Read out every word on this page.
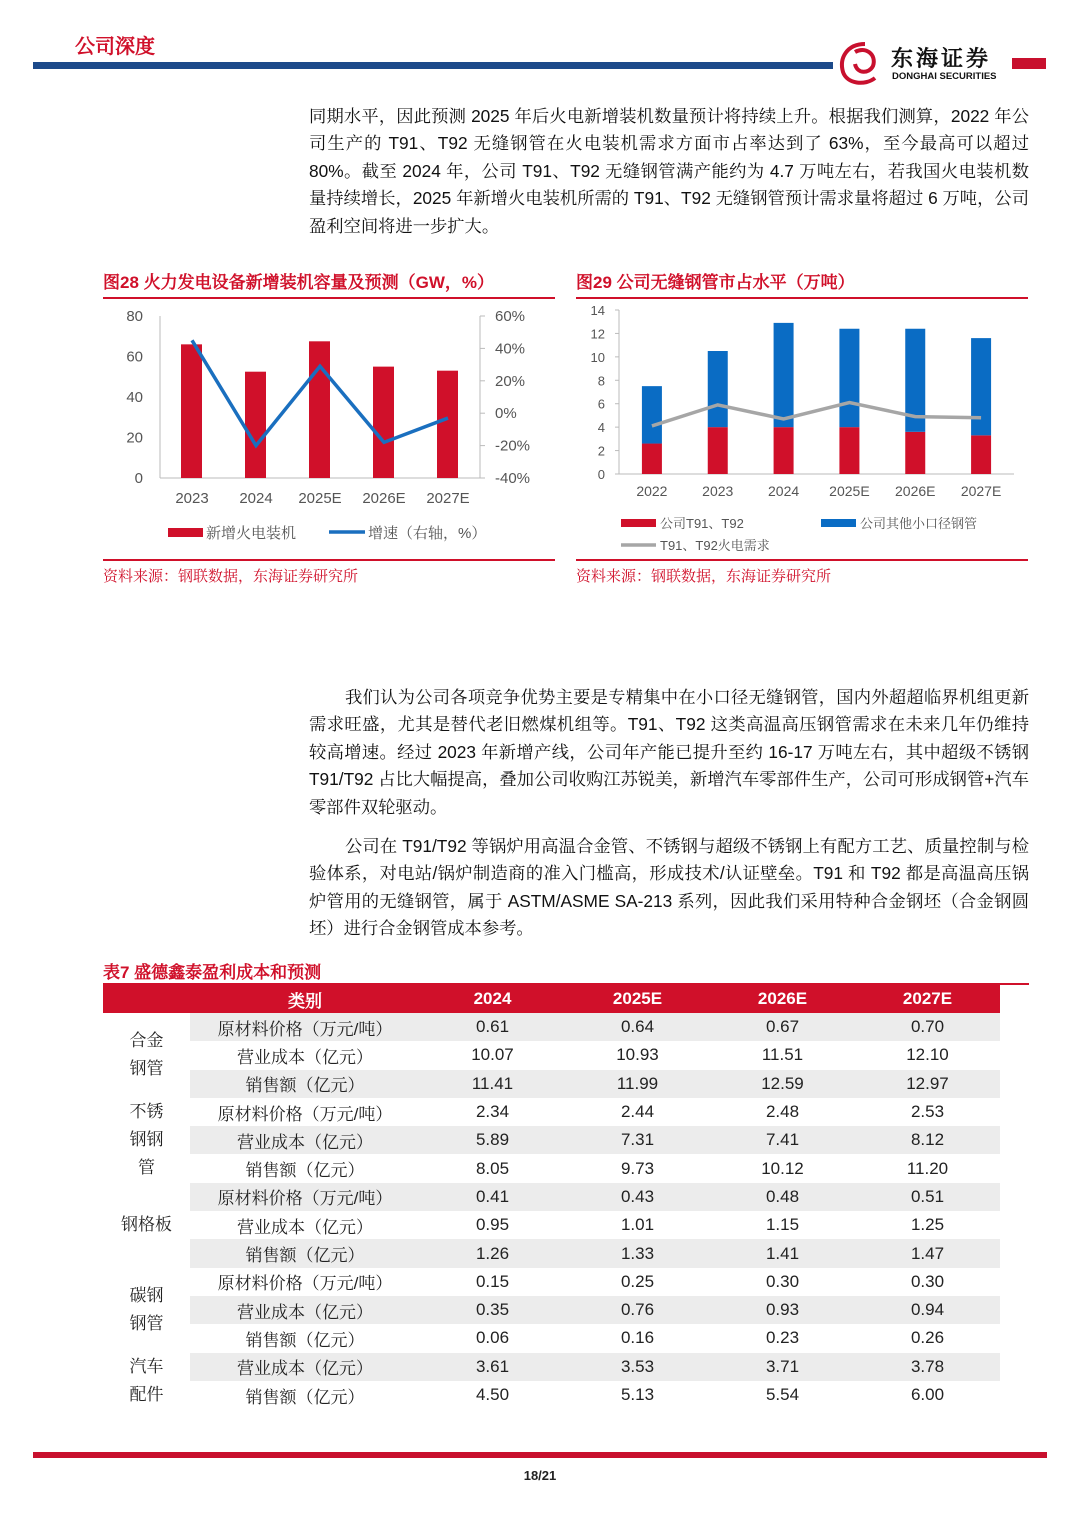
公司深度	东海证券
DONGHAI SECURITIES
同期水平，因此预测 2025 年后火电新增装机数量预计将持续上升。根据我们测算，2022 年公司生产的 T91、T92 无缝钢管在火电装机需求方面市占率达到了 63%，至今最高可以超过 80%。截至 2024 年，公司 T91、T92 无缝钢管满产能约为 4.7 万吨左右，若我国火电装机数量持续增长，2025 年新增火电装机所需的 T91、T92 无缝钢管预计需求量将超过 6 万吨，公司盈利空间将进一步扩大。
图28 火力发电设备新增装机容量及预测（GW，%）
0
20
40
60
80
-40%
-20%
0%
20%
40%
60%
2023 2024 2025E 2026E 2027E
新增火电装机	增速（右轴，%）
资料来源：钢联数据，东海证券研究所
图29 公司无缝钢管市占水平（万吨）
0
2
4
6
8
10
12
14
2022 2023 2024 2025E 2026E 2027E
公司T91、T92	公司其他小口径钢管
T91、T92火电需求
资料来源：钢联数据，东海证券研究所
我们认为公司各项竞争优势主要是专精集中在小口径无缝钢管，国内外超超临界机组更新需求旺盛，尤其是替代老旧燃煤机组等。T91、T92 这类高温高压钢管需求在未来几年仍维持较高增速。经过 2023 年新增产线，公司年产能已提升至约 16-17 万吨左右，其中超级不锈钢 T91/T92 占比大幅提高，叠加公司收购江苏锐美，新增汽车零部件生产，公司可形成钢管+汽车零部件双轮驱动。
公司在 T91/T92 等锅炉用高温合金管、不锈钢与超级不锈钢上有配方工艺、质量控制与检验体系，对电站/锅炉制造商的准入门槛高，形成技术/认证壁垒。T91 和 T92 都是高温高压锅炉管用的无缝钢管，属于 ASTM/ASME SA-213 系列，因此我们采用特种合金钢坯（合金钢圆坯）进行合金钢管成本参考。
表7 盛德鑫泰盈利成本和预测
	类别	2024	2025E	2026E	2027E
合金钢管	原材料价格（万元/吨）	0.61	0.64	0.67	0.70
	营业成本（亿元）	10.07	10.93	11.51	12.10
	销售额（亿元）	11.41	11.99	12.59	12.97
不锈钢钢管	原材料价格（万元/吨）	2.34	2.44	2.48	2.53
	营业成本（亿元）	5.89	7.31	7.41	8.12
	销售额（亿元）	8.05	9.73	10.12	11.20
钢格板	原材料价格（万元/吨）	0.41	0.43	0.48	0.51
	营业成本（亿元）	0.95	1.01	1.15	1.25
	销售额（亿元）	1.26	1.33	1.41	1.47
碳钢钢管	原材料价格（万元/吨）	0.15	0.25	0.30	0.30
	营业成本（亿元）	0.35	0.76	0.93	0.94
	销售额（亿元）	0.06	0.16	0.23	0.26
汽车配件	营业成本（亿元）	3.61	3.53	3.71	3.78
	销售额（亿元）	4.50	5.13	5.54	6.00
18/21
